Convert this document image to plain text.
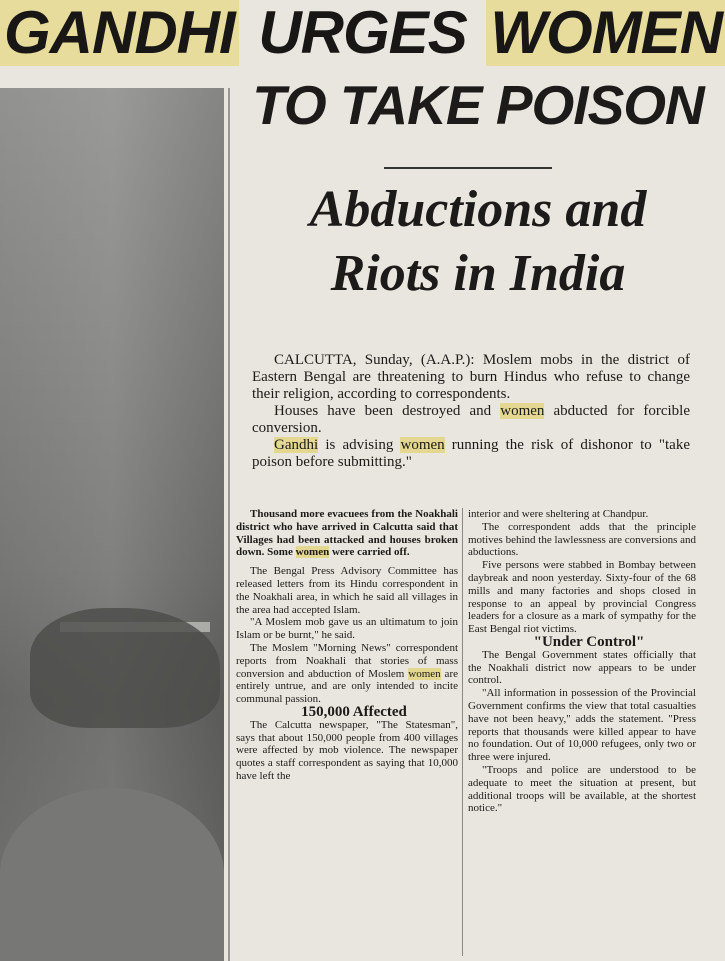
GANDHI URGES WOMEN
TO TAKE POISON
Abductions and
Riots in India

CALCUTTA, Sunday, (A.A.P.): Moslem mobs in the district of Eastern Bengal are threatening to burn Hindus who refuse to change their religion, according to correspondents.

Houses have been destroyed and women abducted for forcible conversion.

Gandhi is advising women running the risk of dishonor to "take poison before submitting."

Thousand more evacuees from the Noakhali district who have arrived in Calcutta said that Villages had been attacked and houses broken down. Some women were carried off.

The Bengal Press Advisory Committee has released letters from its Hindu correspondent in the Noakhali area, in which he said all villages in the area had accepted Islam.

"A Moslem mob gave us an ultimatum to join Islam or be burnt," he said.

The Moslem "Morning News" correspondent reports from Noakhali that stories of mass conversion and abduction of Moslem women are entirely untrue, and are only intended to incite communal passion.

150,000 Affected

The Calcutta newspaper, "The Statesman", says that about 150,000 people from 400 villages were affected by mob violence. The newspaper quotes a staff correspondent as saying that 10,000 have left the

interior and were sheltering at Chandpur.

The correspondent adds that the principle motives behind the lawlessness are conversions and abductions.

Five persons were stabbed in Bombay between daybreak and noon yesterday. Sixty-four of the 68 mills and many factories and shops closed in response to an appeal by provincial Congress leaders for a closure as a mark of sympathy for the East Bengal riot victims.

"Under Control"

The Bengal Government states officially that the Noakhali district now appears to be under control.

"All information in possession of the Provincial Government confirms the view that total casualties have not been heavy," adds the statement. "Press reports that thousands were killed appear to have no foundation. Out of 10,000 refugees, only two or three were injured.

"Troops and police are understood to be adequate to meet the situation at present, but additional troops will be available, at the shortest notice."
